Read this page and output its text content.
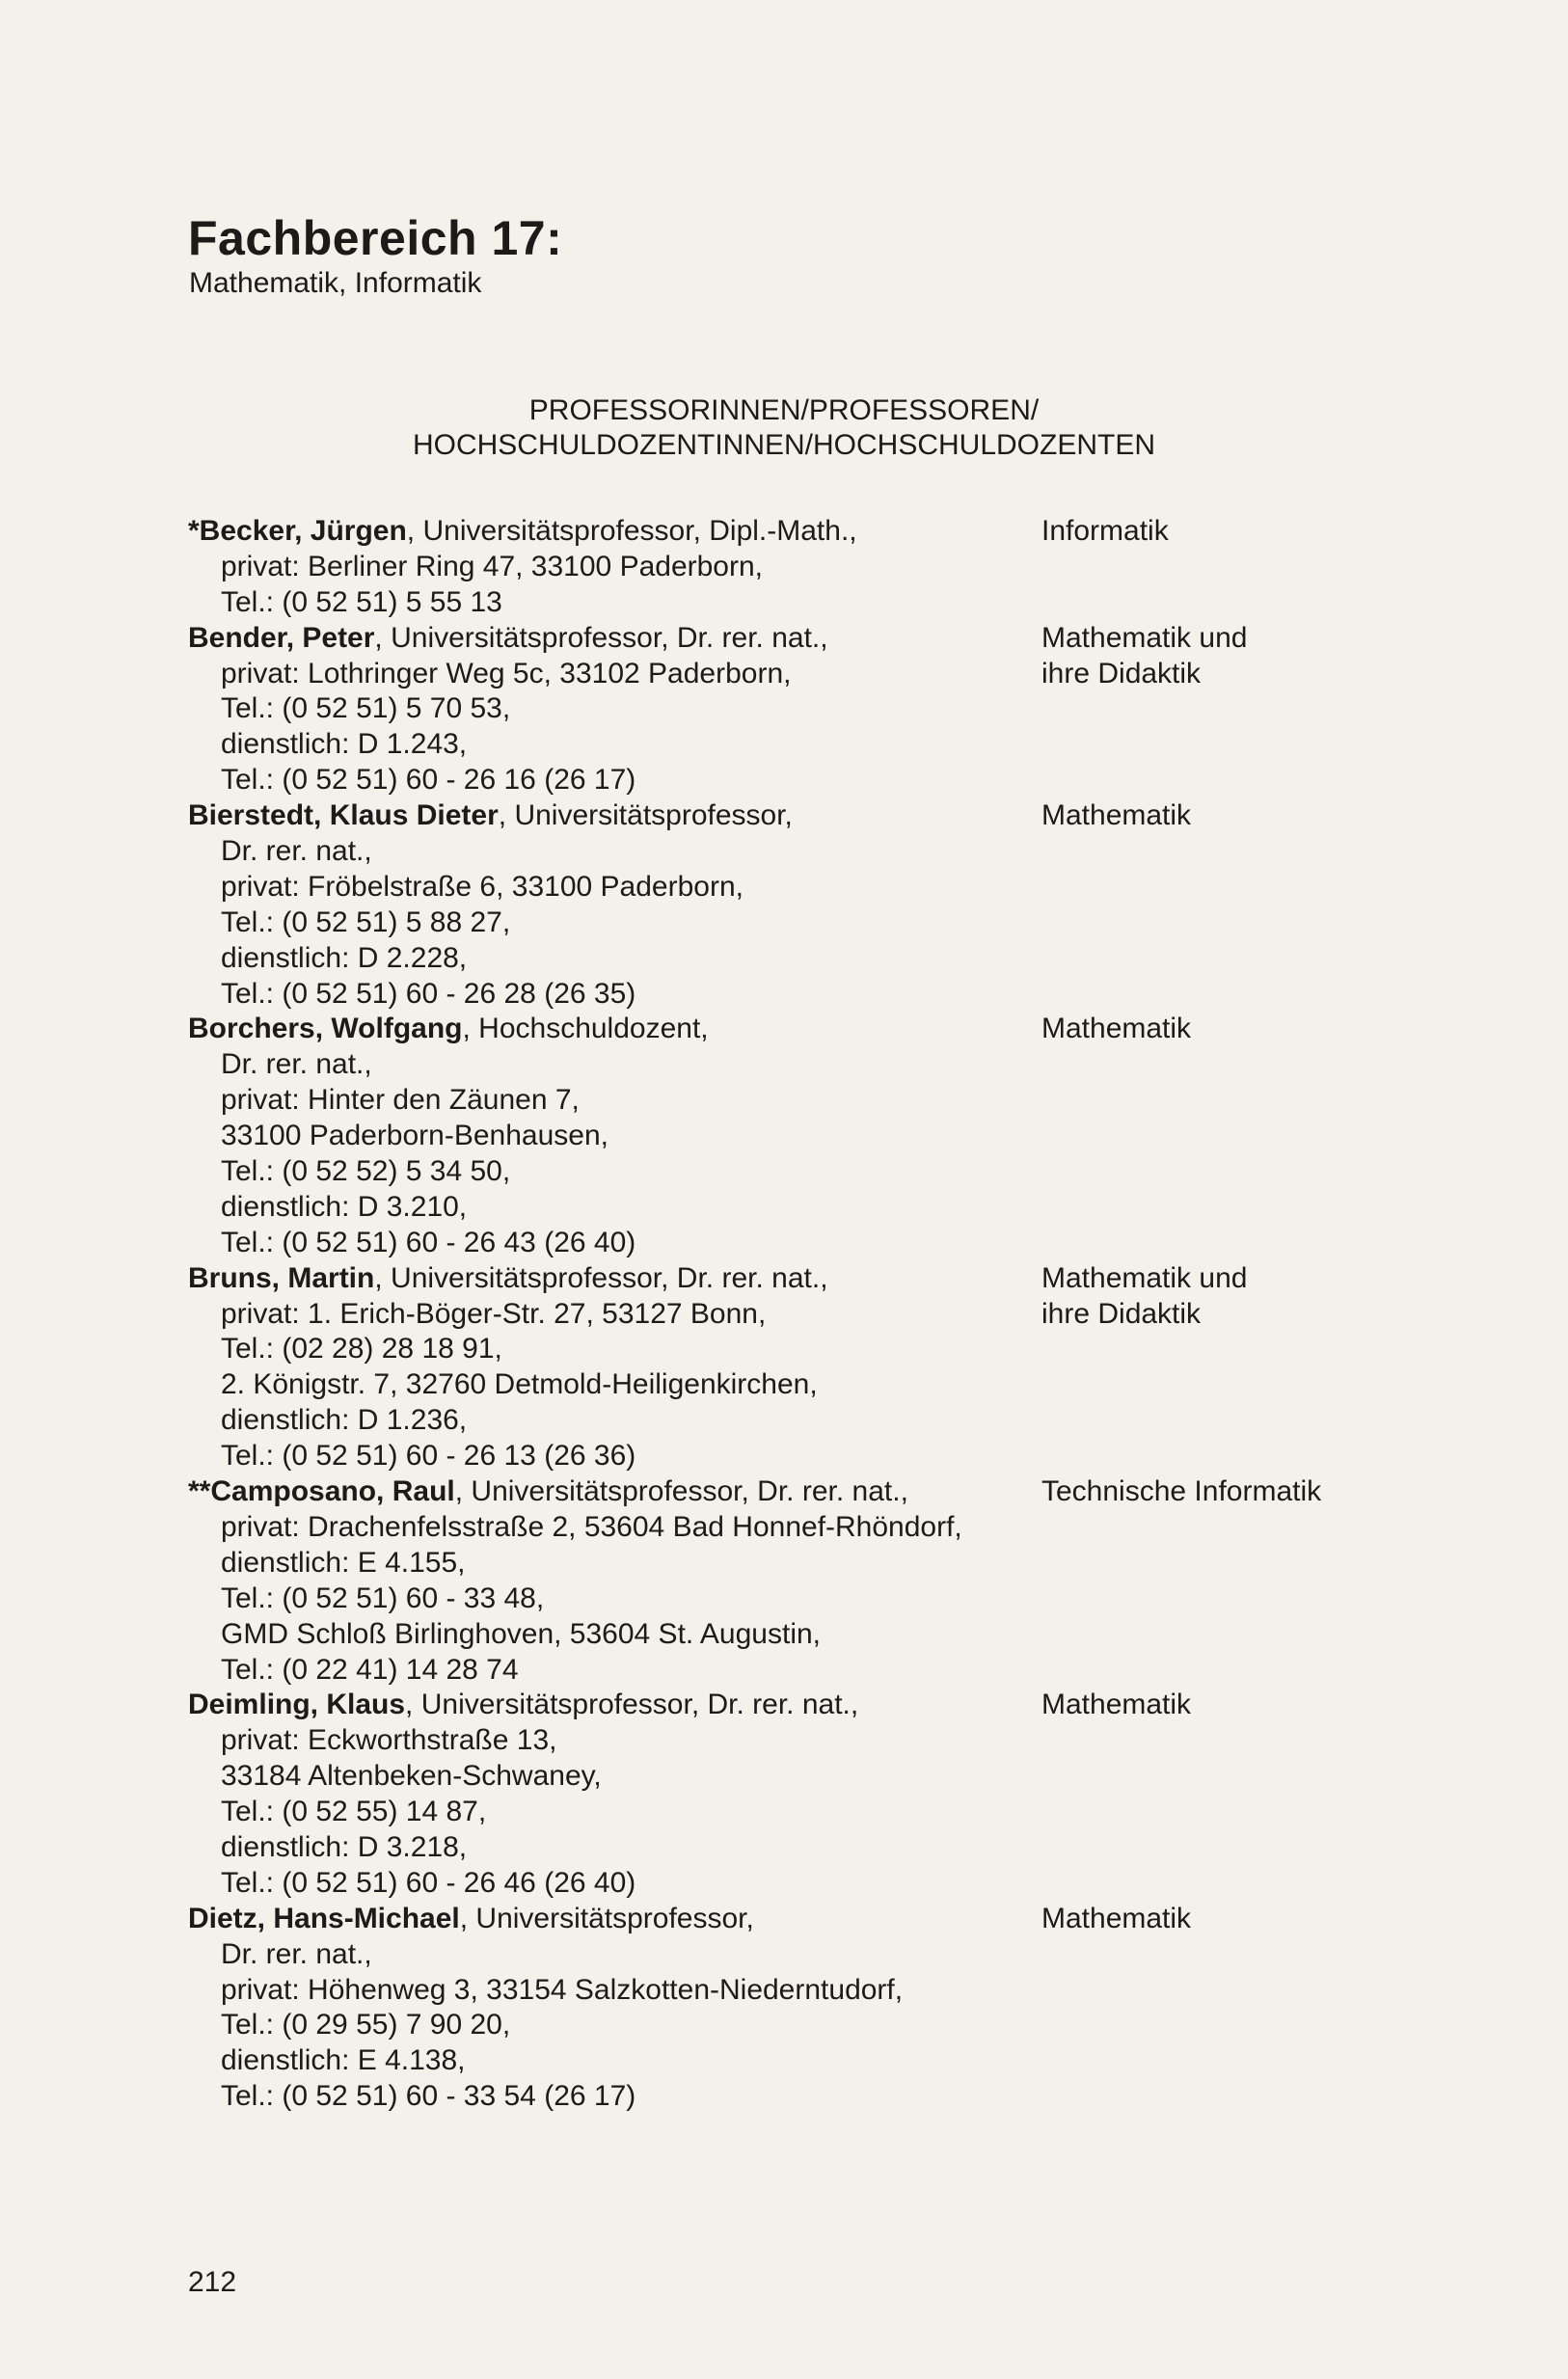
Fachbereich 17:

Mathematik, Informatik

PROFESSORINNEN/PROFESSOREN/
HOCHSCHULDOZENTINNEN/HOCHSCHULDOZENTEN
*Becker, Jürgen, Universitätsprofessor, Dipl.-Math.,
privat: Berliner Ring 47, 33100 Paderborn,
Tel.: (0 52 51) 5 55 13
Informatik
Bender, Peter, Universitätsprofessor, Dr. rer. nat.,
privat: Lothringer Weg 5c, 33102 Paderborn,
Tel.: (0 52 51) 5 70 53,
dienstlich: D 1.243,
Tel.: (0 52 51) 60 - 26 16 (26 17)
Mathematik und
ihre Didaktik
Bierstedt, Klaus Dieter, Universitätsprofessor,
Dr. rer. nat.,
privat: Fröbelstraße 6, 33100 Paderborn,
Tel.: (0 52 51) 5 88 27,
dienstlich: D 2.228,
Tel.: (0 52 51) 60 - 26 28 (26 35)
Mathematik
Borchers, Wolfgang, Hochschuldozent,
Dr. rer. nat.,
privat: Hinter den Zäunen 7,
33100 Paderborn-Benhausen,
Tel.: (0 52 52) 5 34 50,
dienstlich: D 3.210,
Tel.: (0 52 51) 60 - 26 43 (26 40)
Mathematik
Bruns, Martin, Universitätsprofessor, Dr. rer. nat.,
privat: 1. Erich-Böger-Str. 27, 53127 Bonn,
Tel.: (02 28) 28 18 91,
2. Königstr. 7, 32760 Detmold-Heiligenkirchen,
dienstlich: D 1.236,
Tel.: (0 52 51) 60 - 26 13 (26 36)
Mathematik und
ihre Didaktik
**Camposano, Raul, Universitätsprofessor, Dr. rer. nat.,
privat: Drachenfelsstraße 2, 53604 Bad Honnef-Rhöndorf,
dienstlich: E 4.155,
Tel.: (0 52 51) 60 - 33 48,
GMD Schloß Birlinghoven, 53604 St. Augustin,
Tel.: (0 22 41) 14 28 74
Technische Informatik
Deimling, Klaus, Universitätsprofessor, Dr. rer. nat.,
privat: Eckworthstraße 13,
33184 Altenbeken-Schwaney,
Tel.: (0 52 55) 14 87,
dienstlich: D 3.218,
Tel.: (0 52 51) 60 - 26 46 (26 40)
Mathematik
Dietz, Hans-Michael, Universitätsprofessor,
Dr. rer. nat.,
privat: Höhenweg 3, 33154 Salzkotten-Niederntudorf,
Tel.: (0 29 55) 7 90 20,
dienstlich: E 4.138,
Tel.: (0 52 51) 60 - 33 54 (26 17)
Mathematik
212
